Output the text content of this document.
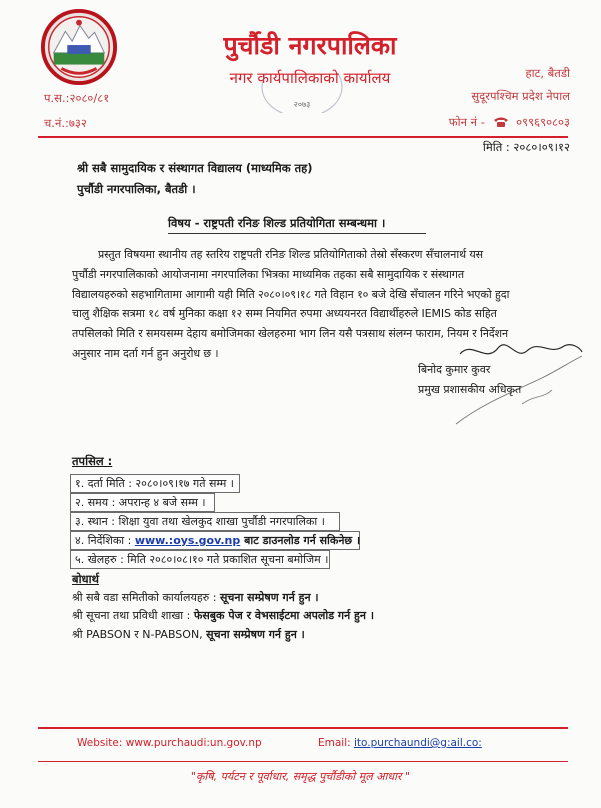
पुर्चौडी नगरपालिका
नगर कार्यपालिकाको कार्यालय
२०७३
प.स.:२०८०/८१
च.नं.:७३२
हाट, बैतडी
सुदूरपश्चिम प्रदेश नेपाल
फोन नं -	०९९६९०८०३
मिति : २०८०।०९।१२
श्री सबै सामुदायिक र संस्थागत विद्यालय (माध्यमिक तह)
पुर्चौडी नगरपालिका, बैतडी ।
विषय - राष्ट्रपती रनिङ शिल्ड प्रतियोगिता सम्बन्धमा ।
प्रस्तुत विषयमा स्थानीय तह स्तरिय राष्ट्रपती रनिङ शिल्ड प्रतियोगिताको तेस्रो सँस्करण सँचालनार्थ यस
पुर्चौडी नगरपालिकाको आयोजनामा नगरपालिका भित्रका माध्यमिक तहका सबै सामुदायिक र संस्थागत
विद्यालयहरुको सहभागितामा आगामी यही मिति २०८०।०९।१८ गते विहान १० बजे देखि सँचालन गरिने भएको हुदा
चालु शैक्षिक सत्रमा १८ वर्ष मुनिका कक्षा १२ सम्म नियमित रुपमा अध्ययनरत विद्यार्थीहरुले IEMIS कोड सहित
तपसिलको मिति र समयसम्म देहाय बमोजिमका खेलहरुमा भाग लिन यसै पत्रसाथ संलग्न फाराम, नियम र निर्देशन
अनुसार नाम दर्ता गर्न हुन अनुरोध छ ।
बिनोद कुमार कुवर
प्रमुख प्रशासकीय अधिकृत
तपसिल :
१. दर्ता मिति : २०८०।०९।१७ गते सम्म ।
२. समय : अपरान्ह ४ बजे सम्म ।
३. स्थान : शिक्षा युवा तथा खेलकुद शाखा पुर्चौडी नगरपालिका ।
४. निर्देशिका : www.:oys.gov.np बाट डाउनलोड गर्न सकिनेछ ।
५. खेलहरु : मिति २०८०।०८।१० गते प्रकाशित सूचना बमोजिम ।
बोधार्थ
श्री सबै वडा समितीको कार्यालयहरु : सूचना सम्प्रेषण गर्न हुन ।
श्री सूचना तथा प्रविधी शाखा : फेसबुक पेज र वेभसाईटमा अपलोड गर्न हुन ।
श्री PABSON र N-PABSON, सूचना सम्प्रेषण गर्न हुन ।
Website: www.purchaudi:un.gov.np	Email: ito.purchaundi@g:ail.co:
"कृषि, पर्यटन र पूर्वाधार, समृद्ध पुर्चौडीको मूल आधार "
